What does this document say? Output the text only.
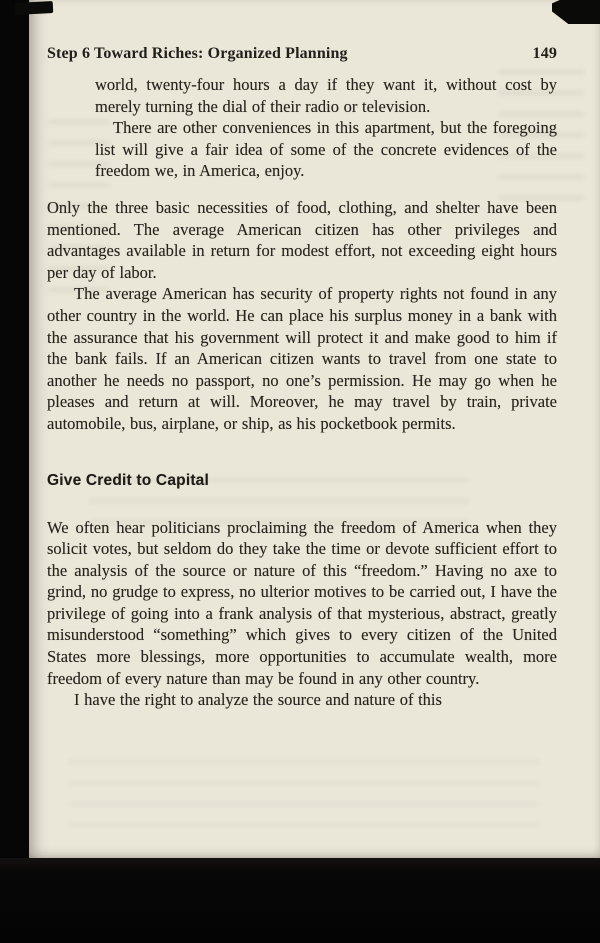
Step 6 Toward Riches: Organized Planning	149

world, twenty-four hours a day if they want it, without cost by merely turning the dial of their radio or television.

There are other conveniences in this apartment, but the foregoing list will give a fair idea of some of the concrete evidences of the freedom we, in America, enjoy.

Only the three basic necessities of food, clothing, and shelter have been mentioned. The average American citizen has other privileges and advantages available in return for modest effort, not exceeding eight hours per day of labor.

The average American has security of property rights not found in any other country in the world. He can place his surplus money in a bank with the assurance that his government will protect it and make good to him if the bank fails. If an American citizen wants to travel from one state to another he needs no passport, no one’s permission. He may go when he pleases and return at will. Moreover, he may travel by train, private automobile, bus, airplane, or ship, as his pocketbook permits.

Give Credit to Capital

We often hear politicians proclaiming the freedom of America when they solicit votes, but seldom do they take the time or devote sufficient effort to the analysis of the source or nature of this “freedom.” Having no axe to grind, no grudge to express, no ulterior motives to be carried out, I have the privilege of going into a frank analysis of that mysterious, abstract, greatly misunderstood “something” which gives to every citizen of the United States more blessings, more opportunities to accumulate wealth, more freedom of every nature than may be found in any other country.

I have the right to analyze the source and nature of this
